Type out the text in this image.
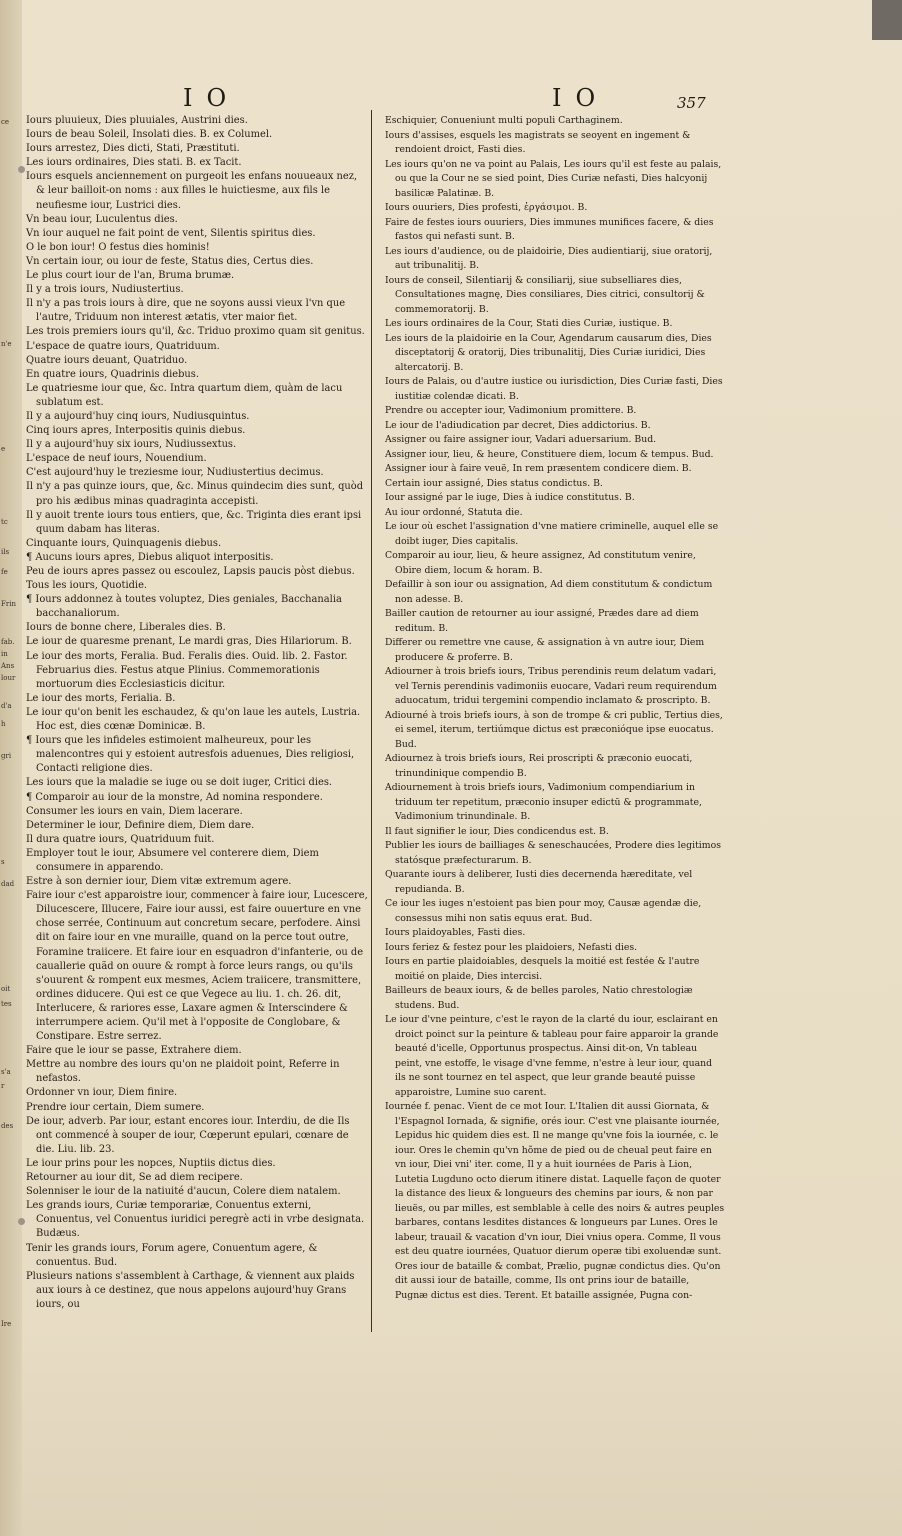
ce
n'e
e
tc
ils
fe
Frin
fab.
in
Ans
lour
d'a
h
gri
s
dad
oit
tes
s'a
r
des
Ire
IO	IO	357
Iours pluuieux, Dies pluuiales, Austrini dies.
Iours de beau Soleil, Insolati dies. B. ex Columel.
Iours arrestez, Dies dicti, Stati, Præstituti.
Les iours ordinaires, Dies stati. B. ex Tacit.
Iours esquels anciennement on purgeoit les enfans nouueaux nez, & leur bailloit-on noms : aux filles le huictiesme, aux fils le neufiesme iour, Lustrici dies.
Vn beau iour, Luculentus dies.
Vn iour auquel ne fait point de vent, Silentis spiritus dies.
O le bon iour! O festus dies hominis!
Vn certain iour, ou iour de feste, Status dies, Certus dies.
Le plus court iour de l'an, Bruma brumæ.
Il y a trois iours, Nudiustertius.
Il n'y a pas trois iours à dire, que ne soyons aussi vieux l'vn que l'autre, Triduum non interest ætatis, vter maior fiet.
Les trois premiers iours qu'il, &c. Triduo proximo quam sit genitus.
L'espace de quatre iours, Quatriduum.
Quatre iours deuant, Quatriduo.
En quatre iours, Quadrinis diebus.
Le quatriesme iour que, &c. Intra quartum diem, quàm de lacu sublatum est.
Il y a aujourd'huy cinq iours, Nudiusquintus.
Cinq iours apres, Interpositis quinis diebus.
Il y a aujourd'huy six iours, Nudiussextus.
L'espace de neuf iours, Nouendium.
C'est aujourd'huy le treziesme iour, Nudiustertius decimus.
Il n'y a pas quinze iours, que, &c. Minus quindecim dies sunt, quòd pro his ædibus minas quadraginta accepisti.
Il y auoit trente iours tous entiers, que, &c. Triginta dies erant ipsi quum dabam has literas.
Cinquante iours, Quinquagenis diebus.
¶ Aucuns iours apres, Diebus aliquot interpositis.
Peu de iours apres passez ou escoulez, Lapsis paucis pòst diebus.
Tous les iours, Quotidie.
¶ Iours addonnez à toutes voluptez, Dies geniales, Bacchanalia bacchanaliorum.
Iours de bonne chere, Liberales dies. B.
Le iour de quaresme prenant, Le mardi gras, Dies Hilariorum. B.
Le iour des morts, Feralia. Bud. Feralis dies. Ouid. lib. 2. Fastor. Februarius dies. Festus atque Plinius. Commemorationis mortuorum dies Ecclesiasticis dicitur.
Le iour des morts, Ferialia. B.
Le iour qu'on benit les eschaudez, & qu'on laue les autels, Lustria. Hoc est, dies cœnæ Dominicæ. B.
¶ Iours que les infideles estimoient malheureux, pour les malencontres qui y estoient autresfois aduenues, Dies religiosi, Contacti religione dies.
Les iours que la maladie se iuge ou se doit iuger, Critici dies.
¶ Comparoir au iour de la monstre, Ad nomina respondere.
Consumer les iours en vain, Diem lacerare.
Determiner le iour, Definire diem, Diem dare.
Il dura quatre iours, Quatriduum fuit.
Employer tout le iour, Absumere vel conterere diem, Diem consumere in apparendo.
Estre à son dernier iour, Diem vitæ extremum agere.
Faire iour c'est apparoistre iour, commencer à faire iour, Lucescere, Dilucescere, Illucere, Faire iour aussi, est faire ouuerture en vne chose serrée, Continuum aut concretum secare, perfodere. Ainsi dit on faire iour en vne muraille, quand on la perce tout outre, Foramine traiicere. Et faire iour en esquadron d'infanterie, ou de cauallerie quãd on ouure & rompt à force leurs rangs, ou qu'ils s'ouurent & rompent eux mesmes, Aciem traiicere, transmittere, ordines diducere. Qui est ce que Vegece au liu. 1. ch. 26. dit, Interlucere, & rariores esse, Laxare agmen & Interscindere & interrumpere aciem. Qu'il met à l'opposite de Conglobare, & Constipare. Estre serrez.
Faire que le iour se passe, Extrahere diem.
Mettre au nombre des iours qu'on ne plaidoit point, Referre in nefastos.
Ordonner vn iour, Diem finire.
Prendre iour certain, Diem sumere.
De iour, adverb. Par iour, estant encores iour. Interdiu, de die Ils ont commencé à souper de iour, Cœperunt epulari, cœnare de die. Liu. lib. 23.
Le iour prins pour les nopces, Nuptiis dictus dies.
Retourner au iour dit, Se ad diem recipere.
Solenniser le iour de la natiuité d'aucun, Colere diem natalem.
Les grands iours, Curiæ temporariæ, Conuentus externi, Conuentus, vel Conuentus iuridici peregrè acti in vrbe designata. Budæus.
Tenir les grands iours, Forum agere, Conuentum agere, & conuentus. Bud.
Plusieurs nations s'assemblent à Carthage, & viennent aux plaids aux iours à ce destinez, que nous appelons aujourd'huy Grans iours, ou
Eschiquier, Conueniunt multi populi Carthaginem.
Iours d'assises, esquels les magistrats se seoyent en ingement & rendoient droict, Fasti dies.
Les iours qu'on ne va point au Palais, Les iours qu'il est feste au palais, ou que la Cour ne se sied point, Dies Curiæ nefasti, Dies halcyonij basilicæ Palatinæ. B.
Iours ouuriers, Dies profesti, ἐργάσιμοι. B.
Faire de festes iours ouuriers, Dies immunes munifices facere, & dies fastos qui nefasti sunt. B.
Les iours d'audience, ou de plaidoirie, Dies audientiarij, siue oratorij, aut tribunalitij. B.
Iours de conseil, Silentiarij & consiliarij, siue subselliares dies, Consultationes magnę, Dies consiliares, Dies citrici, consultorij & commemoratorij. B.
Les iours ordinaires de la Cour, Stati dies Curiæ, iustique. B.
Les iours de la plaidoirie en la Cour, Agendarum causarum dies, Dies disceptatorij & oratorij, Dies tribunalitij, Dies Curiæ iuridici, Dies altercatorij. B.
Iours de Palais, ou d'autre iustice ou iurisdiction, Dies Curiæ fasti, Dies iustitiæ colendæ dicati. B.
Prendre ou accepter iour, Vadimonium promittere. B.
Le iour de l'adiudication par decret, Dies addictorius. B.
Assigner ou faire assigner iour, Vadari aduersarium. Bud.
Assigner iour, lieu, & heure, Constituere diem, locum & tempus. Bud.
Assigner iour à faire veuë, In rem præsentem condicere diem. B.
Certain iour assigné, Dies status condictus. B.
Iour assigné par le iuge, Dies à iudice constitutus. B.
Au iour ordonné, Statuta die.
Le iour où eschet l'assignation d'vne matiere criminelle, auquel elle se doibt iuger, Dies capitalis.
Comparoir au iour, lieu, & heure assignez, Ad constitutum venire, Obire diem, locum & horam. B.
Defaillir à son iour ou assignation, Ad diem constitutum & condictum non adesse. B.
Bailler caution de retourner au iour assigné, Prædes dare ad diem reditum. B.
Differer ou remettre vne cause, & assignation à vn autre iour, Diem producere & proferre. B.
Adiourner à trois briefs iours, Tribus perendinis reum delatum vadari, vel Ternis perendinis vadimoniis euocare, Vadari reum requirendum aduocatum, tridui tergemini compendio inclamato & proscripto. B.
Adiourné à trois briefs iours, à son de trompe & cri public, Tertius dies, ei semel, iterum, tertiúmque dictus est præconióque ipse euocatus. Bud.
Adiournez à trois briefs iours, Rei proscripti & præconio euocati, trinundinique compendio B.
Adiournement à trois briefs iours, Vadimonium compendiarium in triduum ter repetitum, præconio insuper edictū & programmate, Vadimonium trinundinale. B.
Il faut signifier le iour, Dies condicendus est. B.
Publier les iours de bailliages & seneschaucées, Prodere dies legitimos statósque præfecturarum. B.
Quarante iours à deliberer, Iusti dies decernenda hæreditate, vel repudianda. B.
Ce iour les iuges n'estoient pas bien pour moy, Causæ agendæ die, consessus mihi non satis equus erat. Bud.
Iours plaidoyables, Fasti dies.
Iours feriez & festez pour les plaidoiers, Nefasti dies.
Iours en partie plaidoiables, desquels la moitié est festée & l'autre moitié on plaide, Dies intercisi.
Bailleurs de beaux iours, & de belles paroles, Natio chrestologiæ studens. Bud.
Le iour d'vne peinture, c'est le rayon de la clarté du iour, esclairant en droict poinct sur la peinture & tableau pour faire apparoir la grande beauté d'icelle, Opportunus prospectus. Ainsi dit-on, Vn tableau peint, vne estoffe, le visage d'vne femme, n'estre à leur iour, quand ils ne sont tournez en tel aspect, que leur grande beauté puisse apparoistre, Lumine suo carent.
Iournée f. penac. Vient de ce mot Iour. L'Italien dit aussi Giornata, & l'Espagnol Iornada, & signifie, orés iour. C'est vne plaisante iournée, Lepidus hic quidem dies est. Il ne mange qu'vne fois la iournée, c. le iour. Ores le chemin qu'vn hõme de pied ou de cheual peut faire en vn iour, Diei vni' iter. come, Il y a huit iournées de Paris à Lion, Lutetia Lugduno octo dierum itinere distat. Laquelle façon de quoter la distance des lieux & longueurs des chemins par iours, & non par lieuës, ou par milles, est semblable à celle des noirs & autres peuples barbares, contans lesdites distances & longueurs par Lunes. Ores le labeur, trauail & vacation d'vn iour, Diei vnius opera. Comme, Il vous est deu quatre iournées, Quatuor dierum operæ tibi exoluendæ sunt. Ores iour de bataille & combat, Prælio, pugnæ condictus dies. Qu'on dit aussi iour de bataille, comme, Ils ont prins iour de bataille, Pugnæ dictus est dies. Terent. Et bataille assignée, Pugna con-
